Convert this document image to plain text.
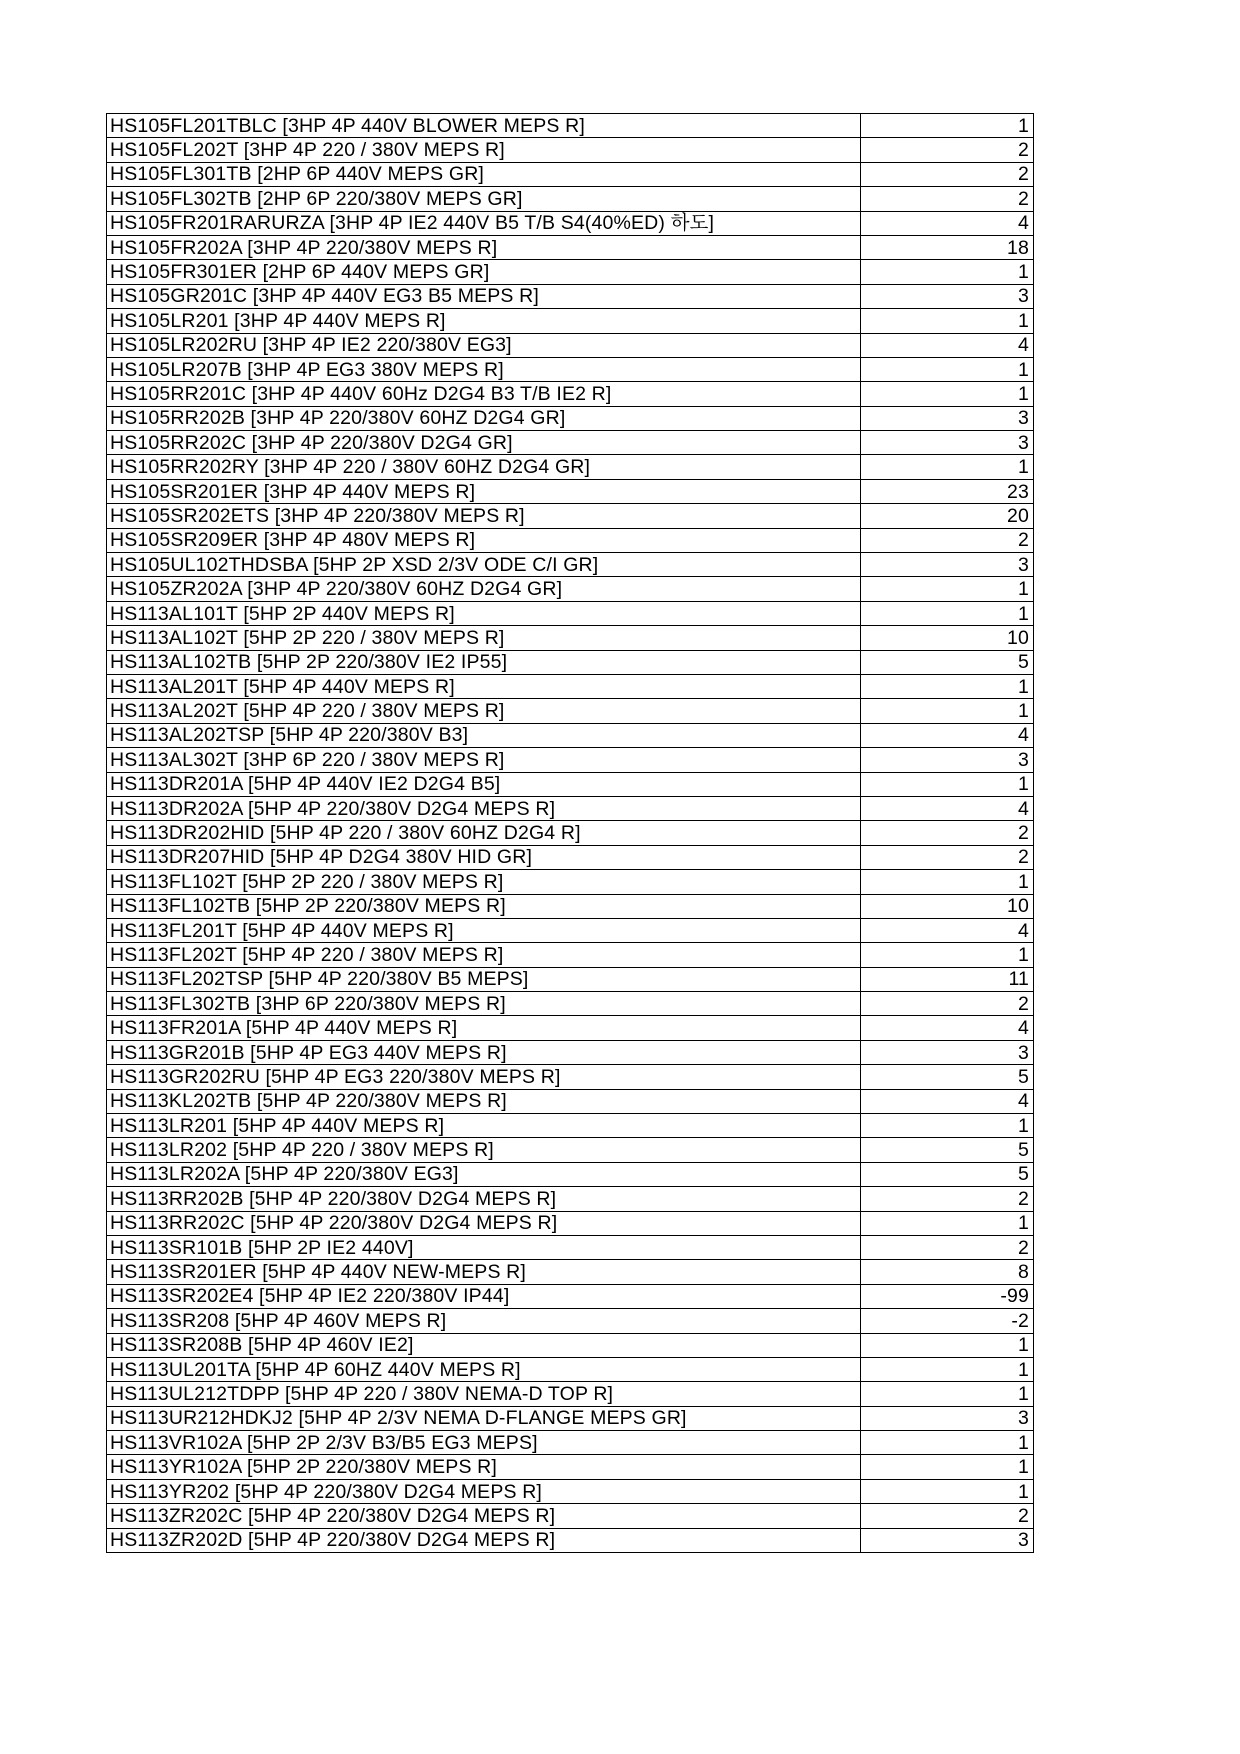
HS105FL201TBLC [3HP 4P 440V BLOWER MEPS R]	1
HS105FL202T [3HP 4P 220 / 380V MEPS R]	2
HS105FL301TB [2HP 6P 440V MEPS GR]	2
HS105FL302TB [2HP 6P 220/380V MEPS GR]	2
HS105FR201RARURZA [3HP 4P IE2 440V B5 T/B S4(40%ED) 하도]	4
HS105FR202A [3HP 4P 220/380V MEPS R]	18
HS105FR301ER [2HP 6P 440V MEPS GR]	1
HS105GR201C [3HP 4P 440V EG3 B5 MEPS R]	3
HS105LR201 [3HP 4P 440V MEPS R]	1
HS105LR202RU [3HP 4P IE2 220/380V EG3]	4
HS105LR207B [3HP 4P EG3 380V MEPS R]	1
HS105RR201C [3HP 4P 440V 60Hz D2G4 B3 T/B IE2 R]	1
HS105RR202B [3HP 4P 220/380V 60HZ D2G4 GR]	3
HS105RR202C [3HP 4P 220/380V D2G4 GR]	3
HS105RR202RY [3HP 4P 220 / 380V 60HZ D2G4 GR]	1
HS105SR201ER [3HP 4P 440V MEPS R]	23
HS105SR202ETS [3HP 4P 220/380V MEPS R]	20
HS105SR209ER [3HP 4P 480V MEPS R]	2
HS105UL102THDSBA [5HP 2P XSD 2/3V ODE C/I GR]	3
HS105ZR202A [3HP 4P 220/380V 60HZ D2G4 GR]	1
HS113AL101T [5HP 2P 440V MEPS R]	1
HS113AL102T [5HP 2P 220 / 380V MEPS R]	10
HS113AL102TB [5HP 2P 220/380V IE2 IP55]	5
HS113AL201T [5HP 4P 440V MEPS R]	1
HS113AL202T [5HP 4P 220 / 380V MEPS R]	1
HS113AL202TSP [5HP 4P 220/380V B3]	4
HS113AL302T [3HP 6P 220 / 380V MEPS R]	3
HS113DR201A [5HP 4P 440V IE2 D2G4 B5]	1
HS113DR202A [5HP 4P 220/380V D2G4 MEPS R]	4
HS113DR202HID [5HP 4P 220 / 380V 60HZ D2G4 R]	2
HS113DR207HID [5HP 4P D2G4 380V HID GR]	2
HS113FL102T [5HP 2P 220 / 380V MEPS R]	1
HS113FL102TB [5HP 2P 220/380V MEPS R]	10
HS113FL201T [5HP 4P 440V MEPS R]	4
HS113FL202T [5HP 4P 220 / 380V MEPS R]	1
HS113FL202TSP [5HP 4P 220/380V B5 MEPS]	11
HS113FL302TB [3HP 6P 220/380V MEPS R]	2
HS113FR201A [5HP 4P 440V MEPS R]	4
HS113GR201B [5HP 4P EG3 440V MEPS R]	3
HS113GR202RU [5HP 4P EG3 220/380V MEPS R]	5
HS113KL202TB [5HP 4P 220/380V MEPS R]	4
HS113LR201 [5HP 4P 440V MEPS R]	1
HS113LR202 [5HP 4P 220 / 380V MEPS R]	5
HS113LR202A [5HP 4P 220/380V EG3]	5
HS113RR202B [5HP 4P 220/380V D2G4 MEPS R]	2
HS113RR202C [5HP 4P 220/380V D2G4 MEPS R]	1
HS113SR101B [5HP 2P IE2 440V]	2
HS113SR201ER [5HP 4P 440V NEW-MEPS R]	8
HS113SR202E4 [5HP 4P IE2 220/380V IP44]	-99
HS113SR208 [5HP 4P 460V MEPS R]	-2
HS113SR208B [5HP 4P 460V IE2]	1
HS113UL201TA [5HP 4P 60HZ 440V MEPS R]	1
HS113UL212TDPP [5HP 4P 220 / 380V NEMA-D TOP R]	1
HS113UR212HDKJ2 [5HP 4P 2/3V NEMA D-FLANGE MEPS GR]	3
HS113VR102A [5HP 2P 2/3V B3/B5 EG3 MEPS]	1
HS113YR102A [5HP 2P 220/380V MEPS R]	1
HS113YR202 [5HP 4P 220/380V D2G4 MEPS R]	1
HS113ZR202C [5HP 4P 220/380V D2G4 MEPS R]	2
HS113ZR202D [5HP 4P 220/380V D2G4 MEPS R]	3
